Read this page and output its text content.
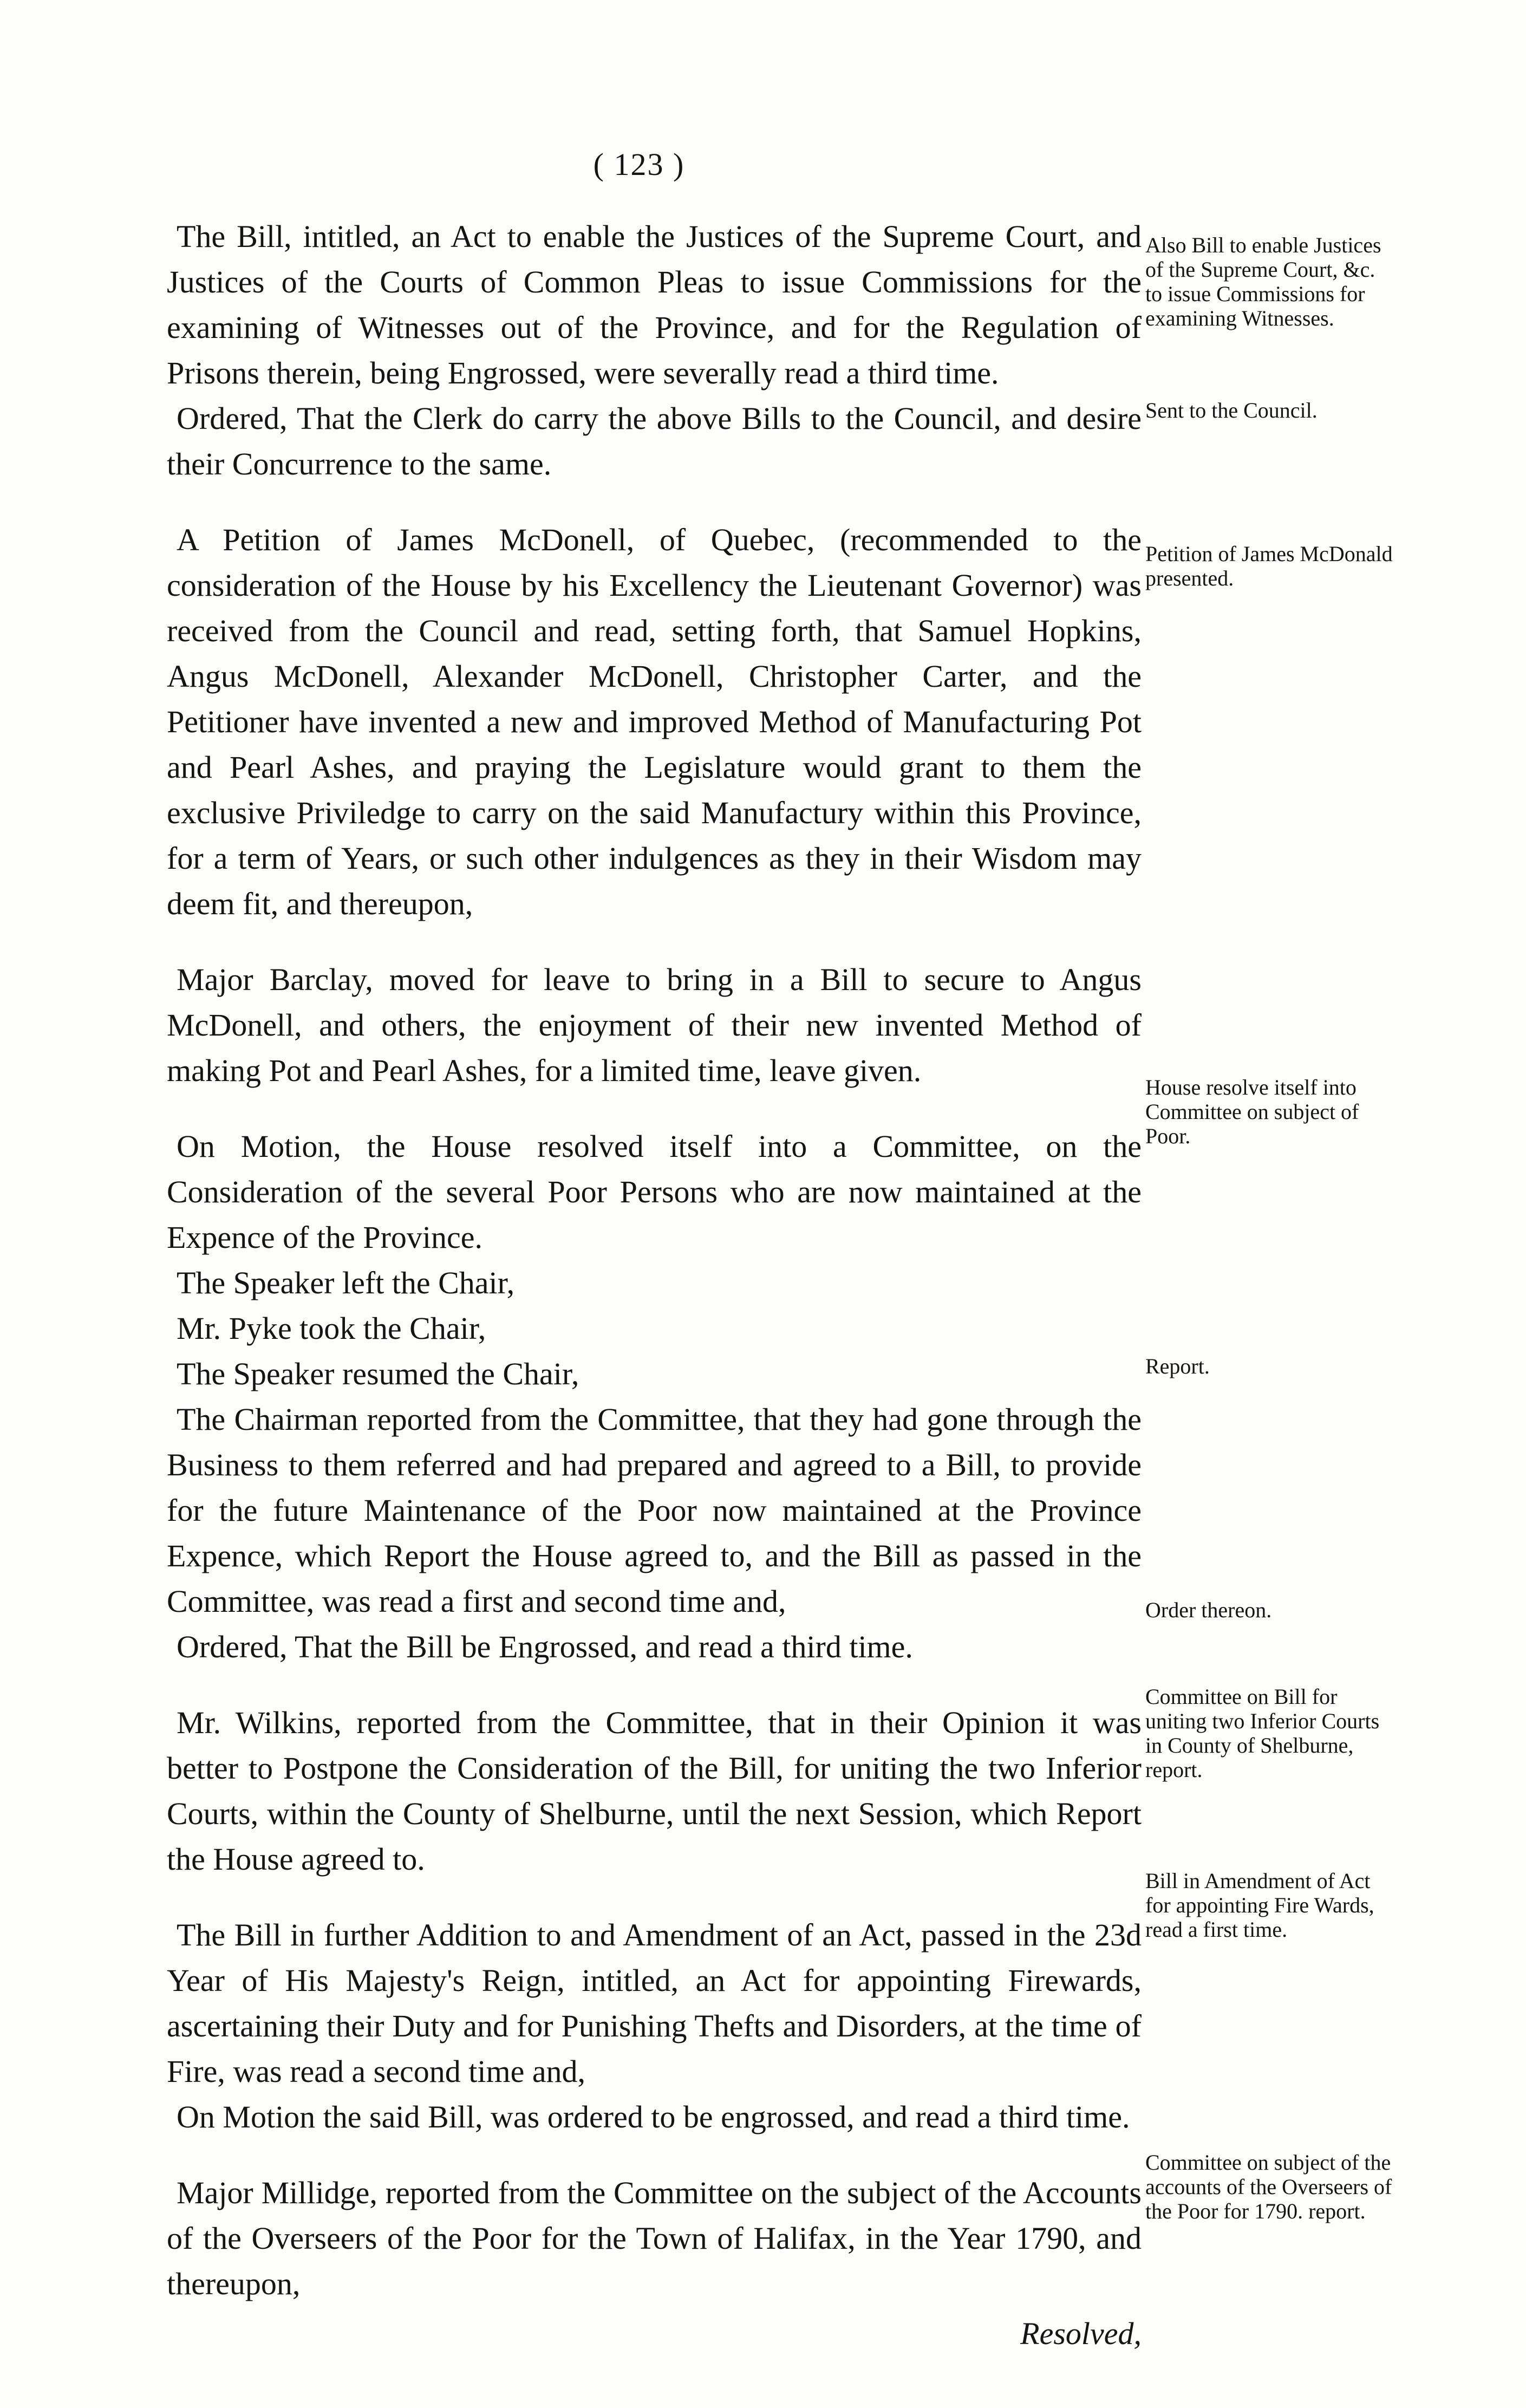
( 123 )

The Bill, intitled, an Act to enable the Justices of the Supreme Court, and Justices of the Courts of Common Pleas to issue Commissions for the examining of Witnesses out of the Province, and for the Regulation of Prisons therein, being Engrossed, were severally read a third time.

Ordered, That the Clerk do carry the above Bills to the Council, and desire their Concurrence to the same.

A Petition of James McDonell, of Quebec, (recommended to the consideration of the House by his Excellency the Lieutenant Governor) was received from the Council and read, setting forth, that Samuel Hopkins, Angus McDonell, Alexander McDonell, Christopher Carter, and the Petitioner have invented a new and improved Method of Manufacturing Pot and Pearl Ashes, and praying the Legislature would grant to them the exclusive Priviledge to carry on the said Manufactury within this Province, for a term of Years, or such other indulgences as they in their Wisdom may deem fit, and thereupon,

Major Barclay, moved for leave to bring in a Bill to secure to Angus McDonell, and others, the enjoyment of their new invented Method of making Pot and Pearl Ashes, for a limited time, leave given.

On Motion, the House resolved itself into a Committee, on the Consideration of the several Poor Persons who are now maintained at the Expence of the Province.

The Speaker left the Chair,

Mr. Pyke took the Chair,

The Speaker resumed the Chair,

The Chairman reported from the Committee, that they had gone through the Business to them referred and had prepared and agreed to a Bill, to provide for the future Maintenance of the Poor now maintained at the Province Expence, which Report the House agreed to, and the Bill as passed in the Committee, was read a first and second time and,

Ordered, That the Bill be Engrossed, and read a third time.

Mr. Wilkins, reported from the Committee, that in their Opinion it was better to Postpone the Consideration of the Bill, for uniting the two Inferior Courts, within the County of Shelburne, until the next Session, which Report the House agreed to.

The Bill in further Addition to and Amendment of an Act, passed in the 23d Year of His Majesty's Reign, intitled, an Act for appointing Firewards, ascertaining their Duty and for Punishing Thefts and Disorders, at the time of Fire, was read a second time and,

On Motion the said Bill, was ordered to be engrossed, and read a third time.

Major Millidge, reported from the Committee on the subject of the Accounts of the Overseers of the Poor for the Town of Halifax, in the Year 1790, and thereupon,

Resolved,
Also Bill to enable Justices of the Supreme Court, &c. to issue Commissions for examining Witnesses.
Sent to the Council.
Petition of James McDonald presented.
House resolve itself into Committee on subject of Poor.
Report.
Order thereon.
Committee on Bill for uniting two Inferior Courts in County of Shelburne, report.
Bill in Amendment of Act for appointing Fire Wards, read a first time.
Committee on subject of the accounts of the Overseers of the Poor for 1790. report.
